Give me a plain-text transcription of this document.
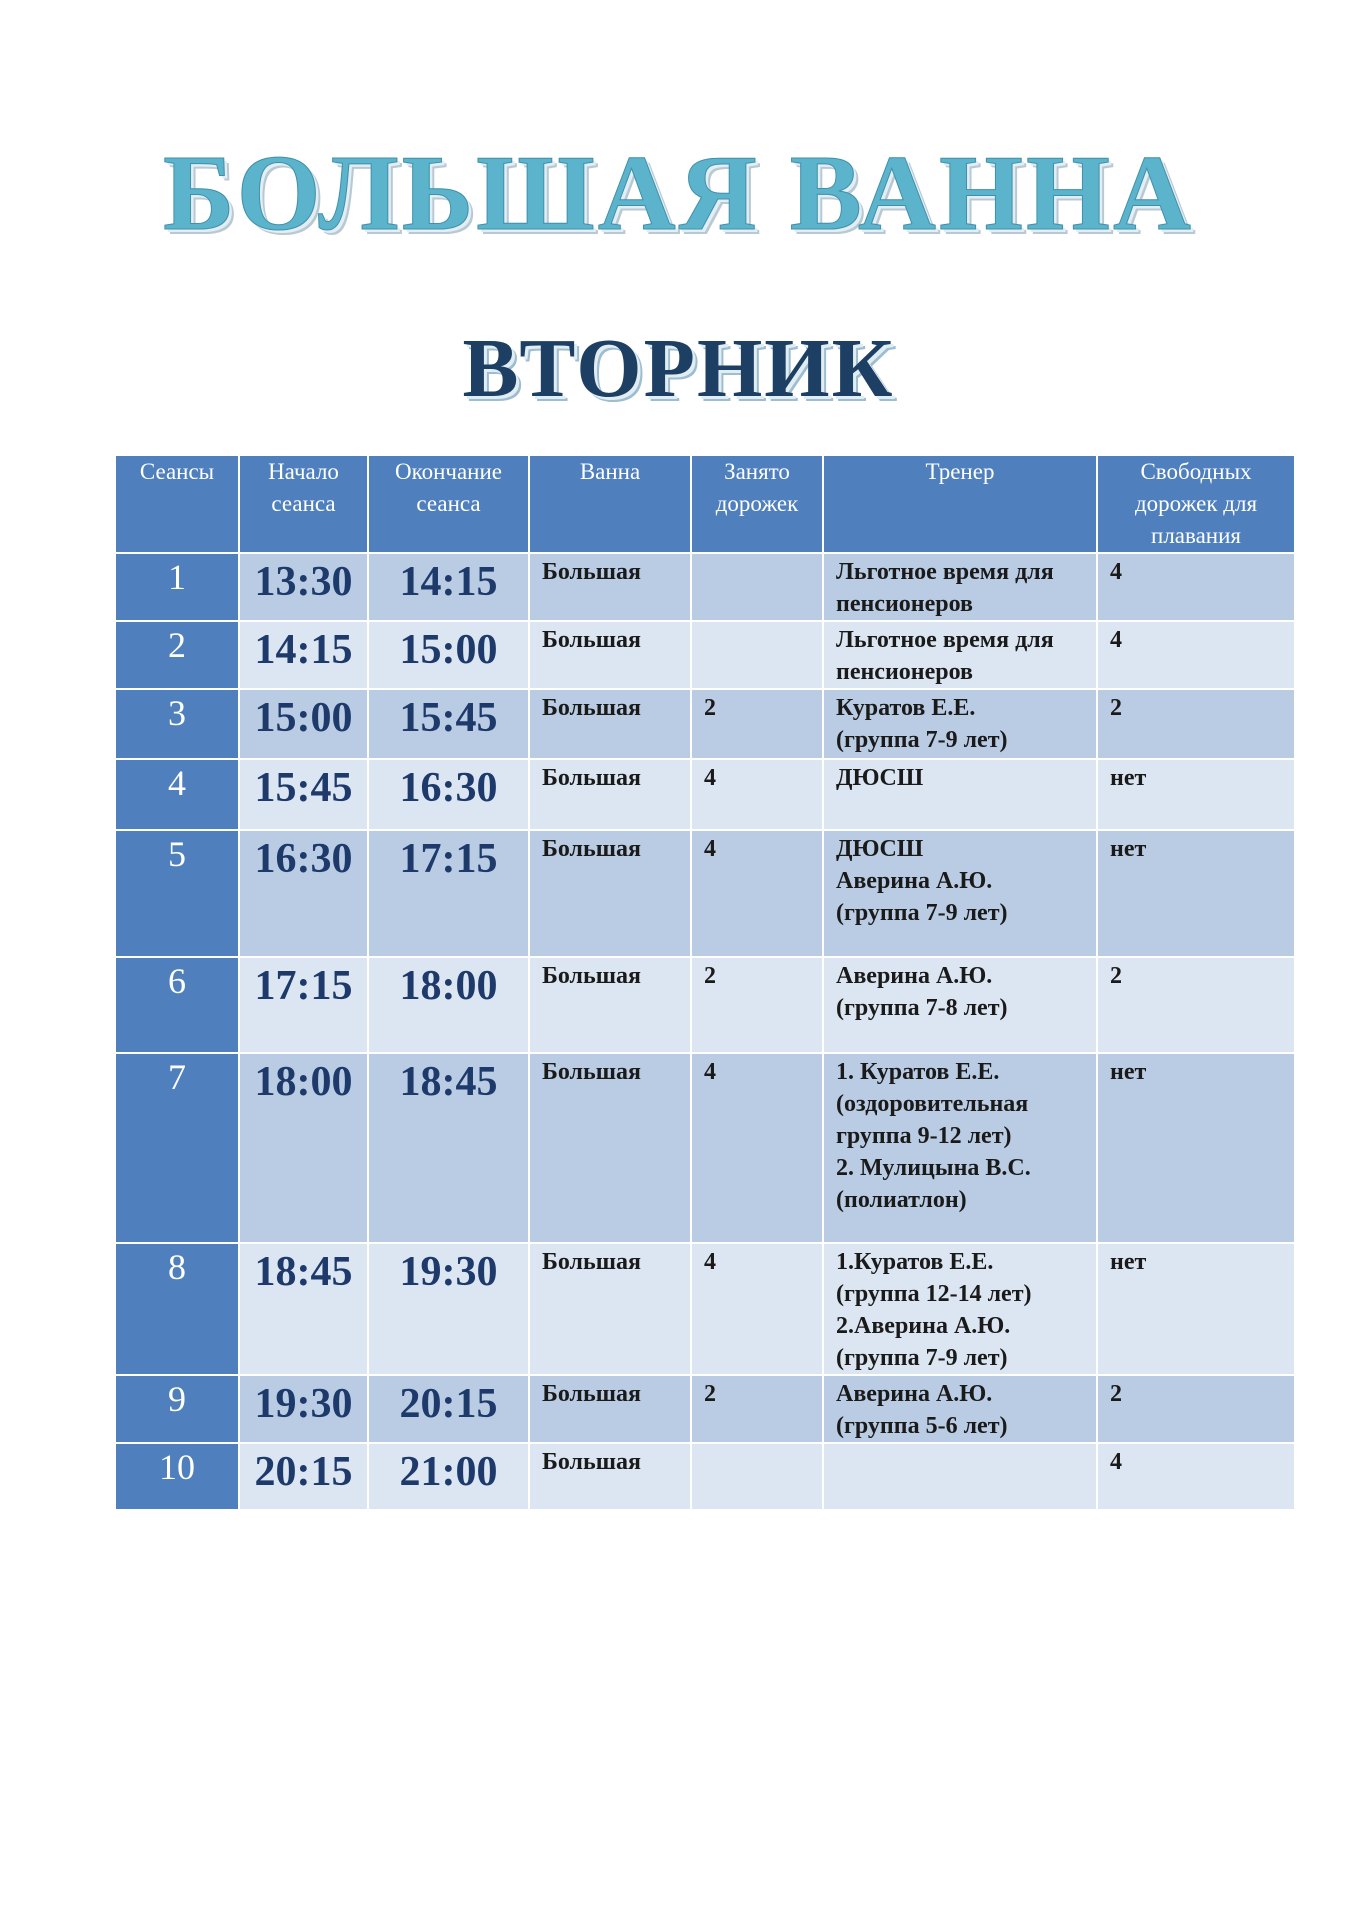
БОЛЬШАЯ ВАННА
ВТОРНИК
Сеансы	Начало сеанса	Окончание сеанса	Ванна	Занято дорожек	Тренер	Свободных дорожек для плавания
1	13:30	14:15	Большая		Льготное время для пенсионеров	4
2	14:15	15:00	Большая		Льготное время для пенсионеров	4
3	15:00	15:45	Большая	2	Куратов Е.Е.
(группа 7-9 лет)	2
4	15:45	16:30	Большая	4	ДЮСШ	нет
5	16:30	17:15	Большая	4	ДЮСШ
Аверина А.Ю.
(группа 7-9 лет)	нет
6	17:15	18:00	Большая	2	Аверина А.Ю.
(группа 7-8 лет)	2
7	18:00	18:45	Большая	4	1. Куратов Е.Е.
(оздоровительная группа 9-12 лет)
2. Мулицына В.С.
(полиатлон)	нет
8	18:45	19:30	Большая	4	1.Куратов Е.Е.
(группа 12-14 лет)
2.Аверина А.Ю.
(группа 7-9 лет)	нет
9	19:30	20:15	Большая	2	Аверина А.Ю.
(группа 5-6 лет)	2
10	20:15	21:00	Большая			4
